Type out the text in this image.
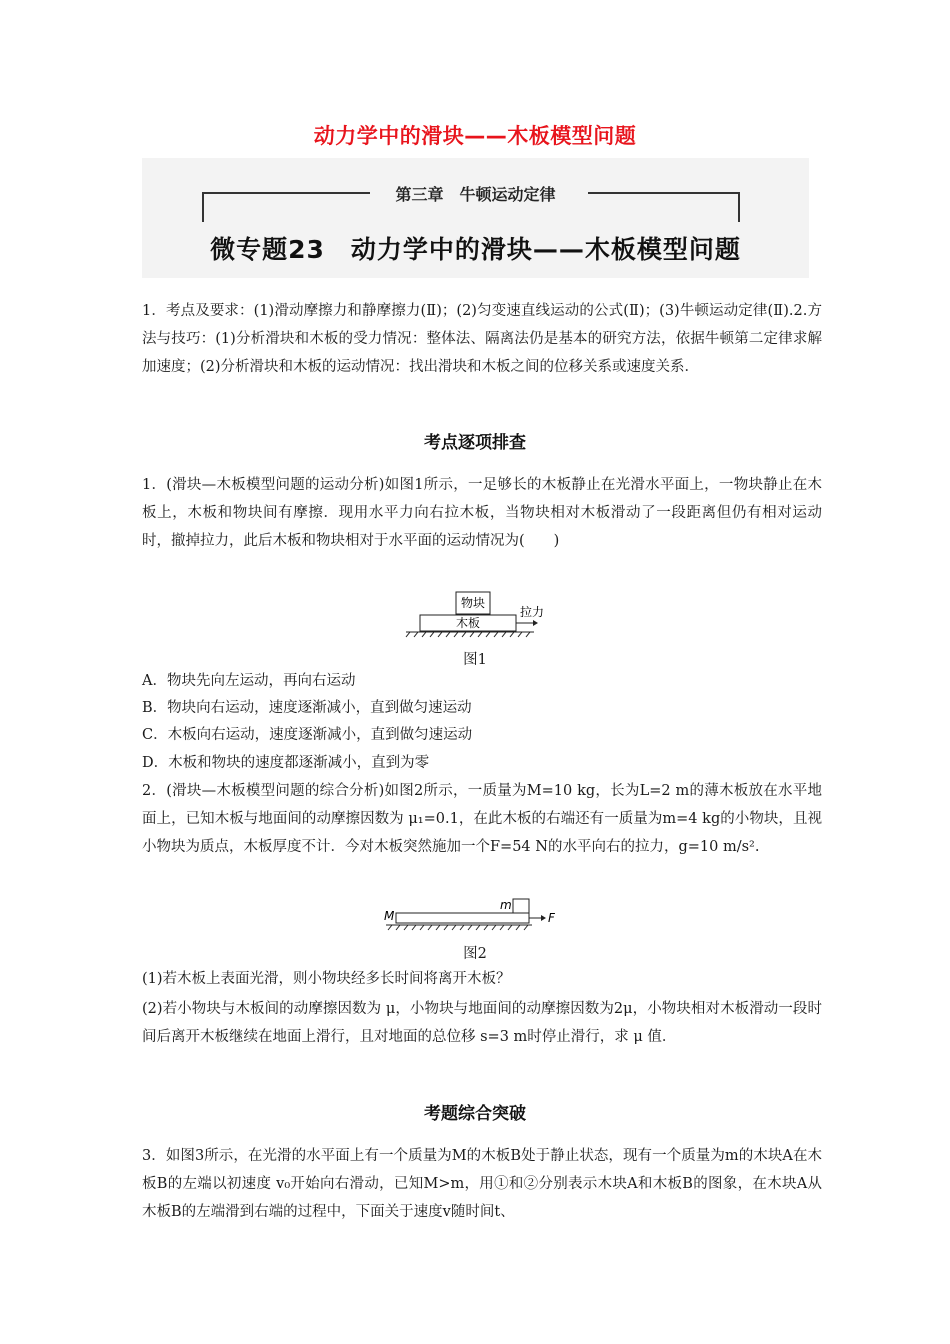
动力学中的滑块——木板模型问题
第三章　牛顿运动定律
微专题23　动力学中的滑块——木板模型问题

1．考点及要求：(1)滑动摩擦力和静摩擦力(Ⅱ)；(2)匀变速直线运动的公式(Ⅱ)；(3)牛顿运动定律(Ⅱ).2.方法与技巧：(1)分析滑块和木板的受力情况：整体法、隔离法仍是基本的研究方法，依据牛顿第二定律求解加速度；(2)分析滑块和木板的运动情况：找出滑块和木板之间的位移关系或速度关系．

考点逐项排查

1．(滑块—木板模型问题的运动分析)如图1所示，一足够长的木板静止在光滑水平面上，一物块静止在木板上，木板和物块间有摩擦．现用水平力向右拉木板，当物块相对木板滑动了一段距离但仍有相对运动时，撤掉拉力，此后木板和物块相对于水平面的运动情况为(　　)

木板
物块
拉力
图1

A．物块先向左运动，再向右运动

B．物块向右运动，速度逐渐减小，直到做匀速运动

C．木板向右运动，速度逐渐减小，直到做匀速运动

D．木板和物块的速度都逐渐减小，直到为零

2．(滑块—木板模型问题的综合分析)如图2所示，一质量为M=10 kg，长为L=2 m的薄木板放在水平地面上，已知木板与地面间的动摩擦因数为 μ₁=0.1，在此木板的右端还有一质量为m=4 kg的小物块，且视小物块为质点，木板厚度不计．今对木板突然施加一个F=54 N的水平向右的拉力，g=10 m/s².

M
m
F
图2

(1)若木板上表面光滑，则小物块经多长时间将离开木板？

(2)若小物块与木板间的动摩擦因数为 μ，小物块与地面间的动摩擦因数为2μ，小物块相对木板滑动一段时间后离开木板继续在地面上滑行，且对地面的总位移 s=3 m时停止滑行，求 μ 值．

考题综合突破

3．如图3所示，在光滑的水平面上有一个质量为M的木板B处于静止状态，现有一个质量为m的木块A在木板B的左端以初速度 v₀开始向右滑动，已知M>m，用①和②分别表示木块A和木板B的图象，在木块A从木板B的左端滑到右端的过程中，下面关于速度v随时间t、
